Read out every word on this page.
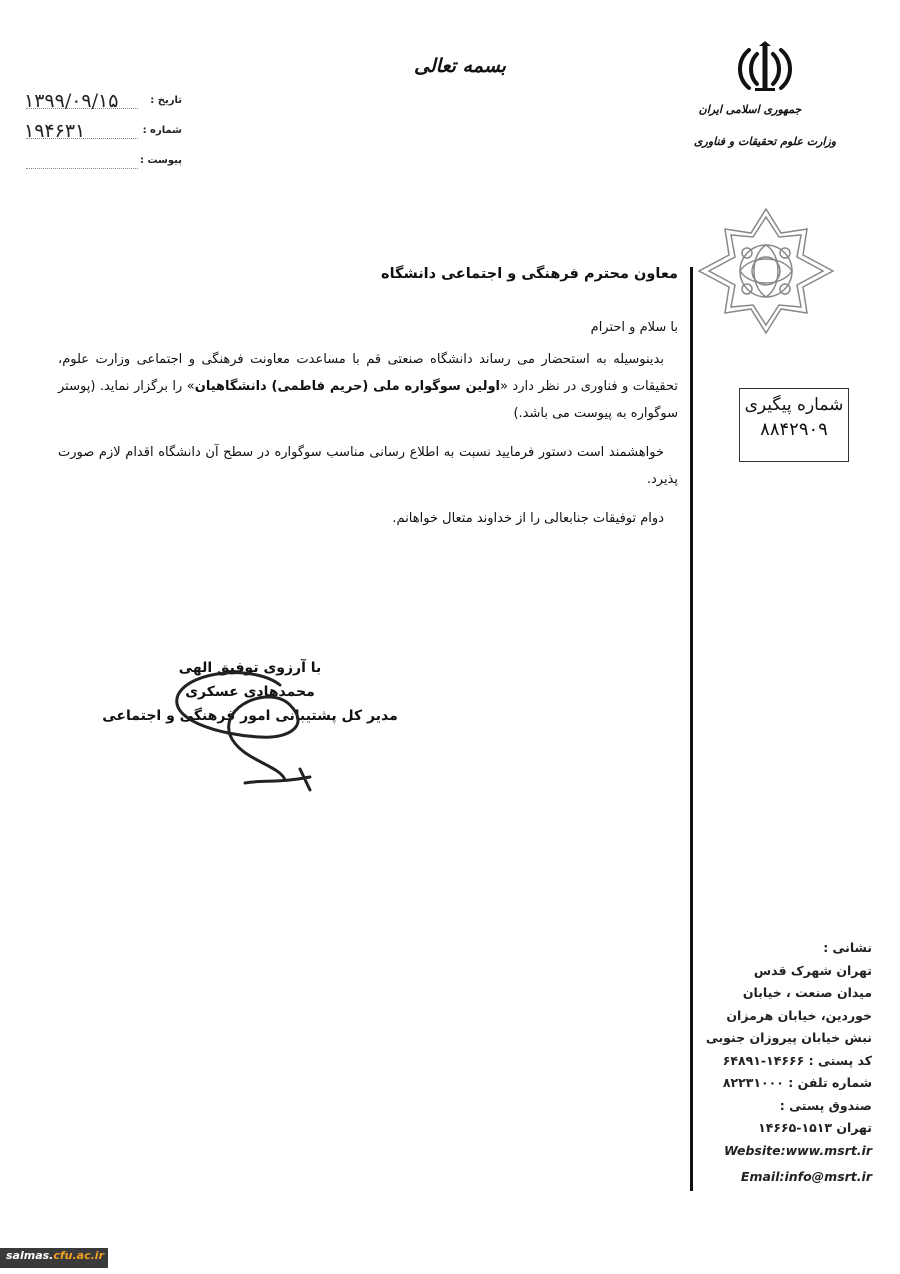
بسمه تعالی
تاریخ :
۱۳۹۹/۰۹/۱۵
شماره :
۱۹۴۶۳۱
پیوست :
جمهوری اسلامی ایران
وزارت علوم تحقیقات و فناوری
شماره پیگیری
۸۸۴۲۹۰۹
معاون محترم فرهنگی و اجتماعی دانشگاه
با سلام و احترام
بدینوسیله به استحضار می رساند دانشگاه صنعتی قم با مساعدت معاونت فرهنگی و اجتماعی وزارت علوم، تحقیقات و فناوری در نظر دارد «اولین سوگواره ملی (حریم فاطمی) دانشگاهیان» را برگزار نماید. (پوستر سوگواره به پیوست می باشد.)
خواهشمند است دستور فرمایید نسبت به اطلاع رسانی مناسب سوگواره در سطح آن دانشگاه اقدام لازم صورت پذیرد.
دوام توفیقات جنابعالی را از خداوند متعال خواهانم.
با آرزوی توفیق الهی
محمدهادی عسکری
مدیر کل پشتیبانی امور فرهنگی و اجتماعی
نشانی :
تهران شهرک قدس
میدان صنعت ، خیابان
خوردین، خیابان هرمزان
نبش خیابان پیروزان جنوبی
کد پستی : ۱۴۶۶۶-۶۴۸۹۱
شماره تلفن : ۸۲۲۳۱۰۰۰
صندوق پستی :
تهران ۱۵۱۳-۱۴۶۶۵
Website:www.msrt.ir
Email:info@msrt.ir
salmas.cfu.ac.ir
